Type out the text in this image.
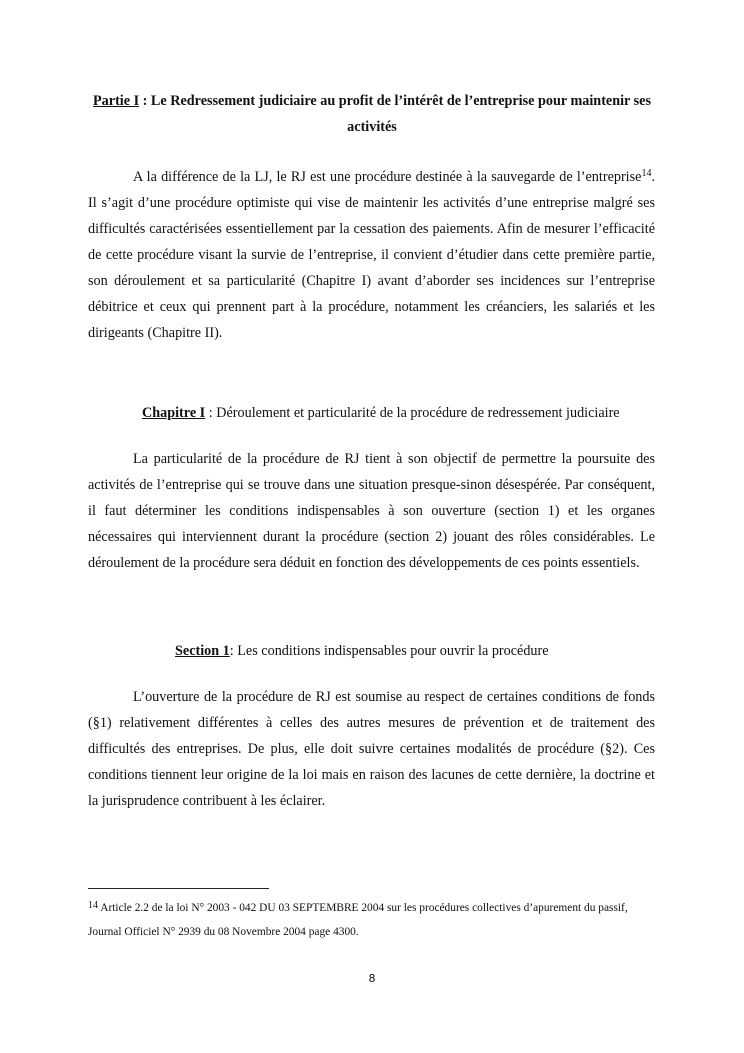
Partie I : Le Redressement judiciaire au profit de l’intérêt de l’entreprise pour maintenir ses activités

A la différence de la LJ, le RJ est une procédure destinée à la sauvegarde de l’entreprise$^{14}$. Il s’agit d’une procédure optimiste qui vise de maintenir les activités d’une entreprise malgré ses difficultés caractérisées essentiellement par la cessation des paiements. Afin de mesurer l’efficacité de cette procédure visant la survie de l’entreprise, il convient d’étudier dans cette première partie, son déroulement et sa particularité (Chapitre I) avant d’aborder ses incidences sur l’entreprise débitrice et ceux qui prennent part à la procédure, notamment les créanciers, les salariés et les dirigeants (Chapitre II).

Chapitre I : Déroulement et particularité de la procédure de redressement judiciaire

La particularité de la procédure de RJ tient à son objectif de permettre la poursuite des activités de l’entreprise qui se trouve dans une situation presque-sinon désespérée. Par conséquent, il faut déterminer les conditions indispensables à son ouverture (section 1) et les organes nécessaires qui interviennent durant la procédure (section 2) jouant des rôles considérables. Le déroulement de la procédure sera déduit en fonction des développements de ces points essentiels.

Section 1: Les conditions indispensables pour ouvrir la procédure

L’ouverture de la procédure de RJ est soumise au respect de certaines conditions de fonds (§1) relativement différentes à celles des autres mesures de prévention et de traitement des difficultés des entreprises. De plus, elle doit suivre certaines modalités de procédure (§2). Ces conditions tiennent leur origine de la loi mais en raison des lacunes de cette dernière, la doctrine et la jurisprudence contribuent à les éclairer.

$^{14}$ Article 2.2 de la loi N° 2003 - 042 DU 03 SEPTEMBRE 2004 sur les procédures collectives d’apurement du passif, Journal Officiel N° 2939 du 08 Novembre 2004 page 4300.

8
